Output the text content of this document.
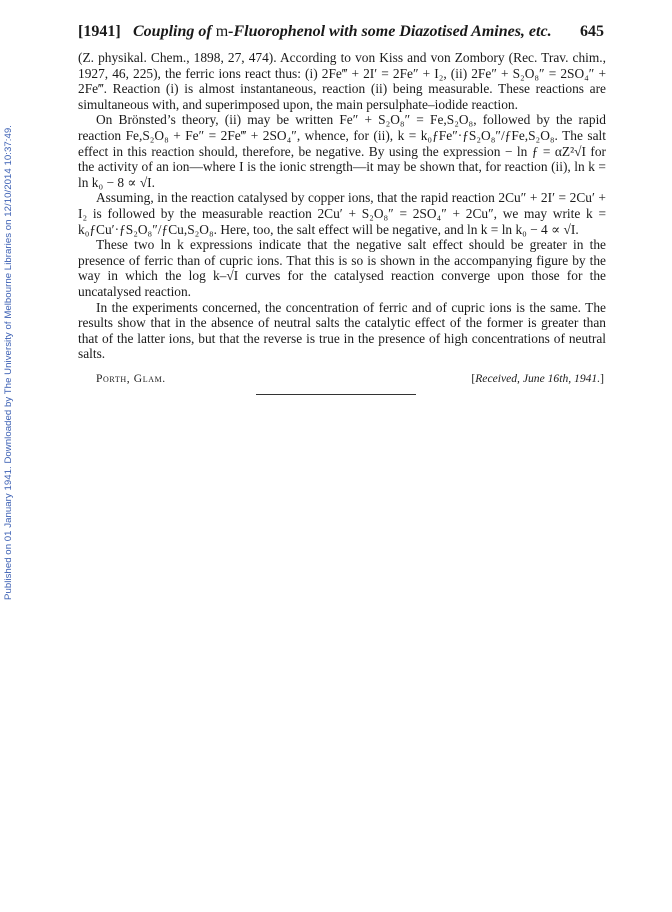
Published on 01 January 1941. Downloaded by The University of Melbourne Libraries on 12/10/2014 10:37:49.
[1941] Coupling of m-Fluorophenol with some Diazotised Amines, etc. 645

(Z. physikal. Chem., 1898, 27, 474). According to von Kiss and von Zombory (Rec. Trav. chim., 1927, 46, 225), the ferric ions react thus: (i) 2Fe‴ + 2I′ = 2Fe″ + I₂, (ii) 2Fe″ + S₂O₈″ = 2SO₄″ + 2Fe‴. Reaction (i) is almost instantaneous, reaction (ii) being measurable. These reactions are simultaneous with, and superimposed upon, the main persulphate–iodide reaction.

On Brönsted’s theory, (ii) may be written Fe″ + S₂O₈″ = Fe,S₂O₈, followed by the rapid reaction Fe,S₂O₈ + Fe″ = 2Fe‴ + 2SO₄″, whence, for (ii), k = k₀ƒFe″·ƒS₂O₈″/ƒFe,S₂O₈. The salt effect in this reaction should, therefore, be negative. By using the expression − ln ƒ = αZ²√I for the activity of an ion—where I is the ionic strength—it may be shown that, for reaction (ii), ln k = ln k₀ − 8 ∝ √I.

Assuming, in the reaction catalysed by copper ions, that the rapid reaction 2Cu″ + 2I′ = 2Cu′ + I₂ is followed by the measurable reaction 2Cu′ + S₂O₈″ = 2SO₄″ + 2Cu″, we may write k = k₀ƒCu′·ƒS₂O₈″/ƒCu,S₂O₈. Here, too, the salt effect will be negative, and ln k = ln k₀ − 4 ∝ √I.

These two ln k expressions indicate that the negative salt effect should be greater in the presence of ferric than of cupric ions. That this is so is shown in the accompanying figure by the way in which the log k–√I curves for the catalysed reaction converge upon those for the uncatalysed reaction.

In the experiments concerned, the concentration of ferric and of cupric ions is the same. The results show that in the absence of neutral salts the catalytic effect of the former is greater than that of the latter ions, but that the reverse is true in the presence of high concentrations of neutral salts.

Porth, Glam.	[Received, June 16th, 1941.]
